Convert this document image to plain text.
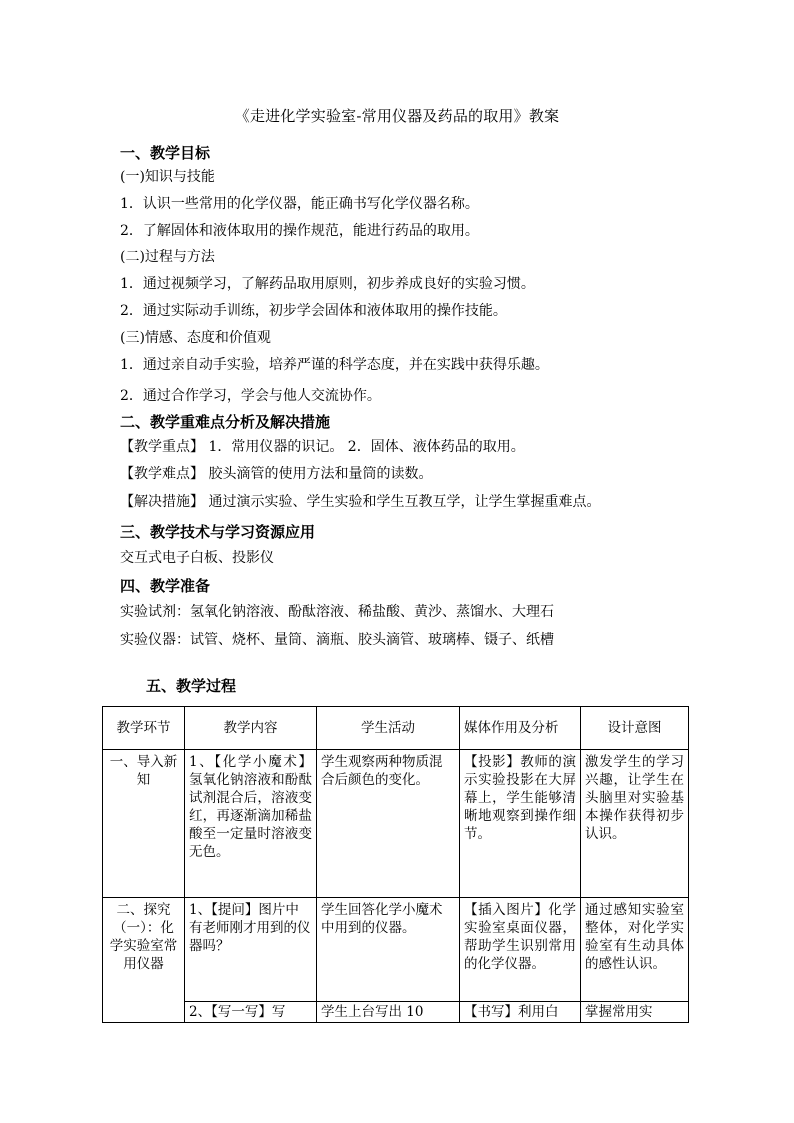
《走进化学实验室-常用仪器及药品的取用》教案
一、教学目标
(一)知识与技能
1．认识一些常用的化学仪器，能正确书写化学仪器名称。
2．了解固体和液体取用的操作规范，能进行药品的取用。
(二)过程与方法
1．通过视频学习，了解药品取用原则，初步养成良好的实验习惯。
2．通过实际动手训练，初步学会固体和液体取用的操作技能。
(三)情感、态度和价值观
1．通过亲自动手实验，培养严谨的科学态度，并在实践中获得乐趣。
2．通过合作学习，学会与他人交流协作。
二、教学重难点分析及解决措施
【教学重点】 1．常用仪器的识记。 2．固体、液体药品的取用。
【教学难点】 胶头滴管的使用方法和量筒的读数。
【解决措施】 通过演示实验、学生实验和学生互教互学，让学生掌握重难点。
三、教学技术与学习资源应用
交互式电子白板、投影仪
四、教学准备
实验试剂：氢氧化钠溶液、酚酞溶液、稀盐酸、黄沙、蒸馏水、大理石
实验仪器：试管、烧杯、量筒、滴瓶、胶头滴管、玻璃棒、镊子、纸槽
五、教学过程
教学环节	教学内容	学生活动	媒体作用及分析	设计意图
一、导入新知	1、【化学小魔术】氢氧化钠溶液和酚酞试剂混合后，溶液变红，再逐渐滴加稀盐酸至一定量时溶液变无色。	学生观察两种物质混合后颜色的变化。	【投影】教师的演示实验投影在大屏幕上，学生能够清晰地观察到操作细节。	激发学生的学习兴趣，让学生在头脑里对实验基本操作获得初步认识。
二、探究（一）：化学实验室常用仪器	1、【提问】图片中有老师刚才用到的仪器吗？	学生回答化学小魔术中用到的仪器。	【插入图片】化学实验室桌面仪器，帮助学生识别常用的化学仪器。	通过感知实验室整体，对化学实验室有生动具体的感性认识。
	2、【写一写】写	学生上台写出 10	【书写】利用白	掌握常用实
